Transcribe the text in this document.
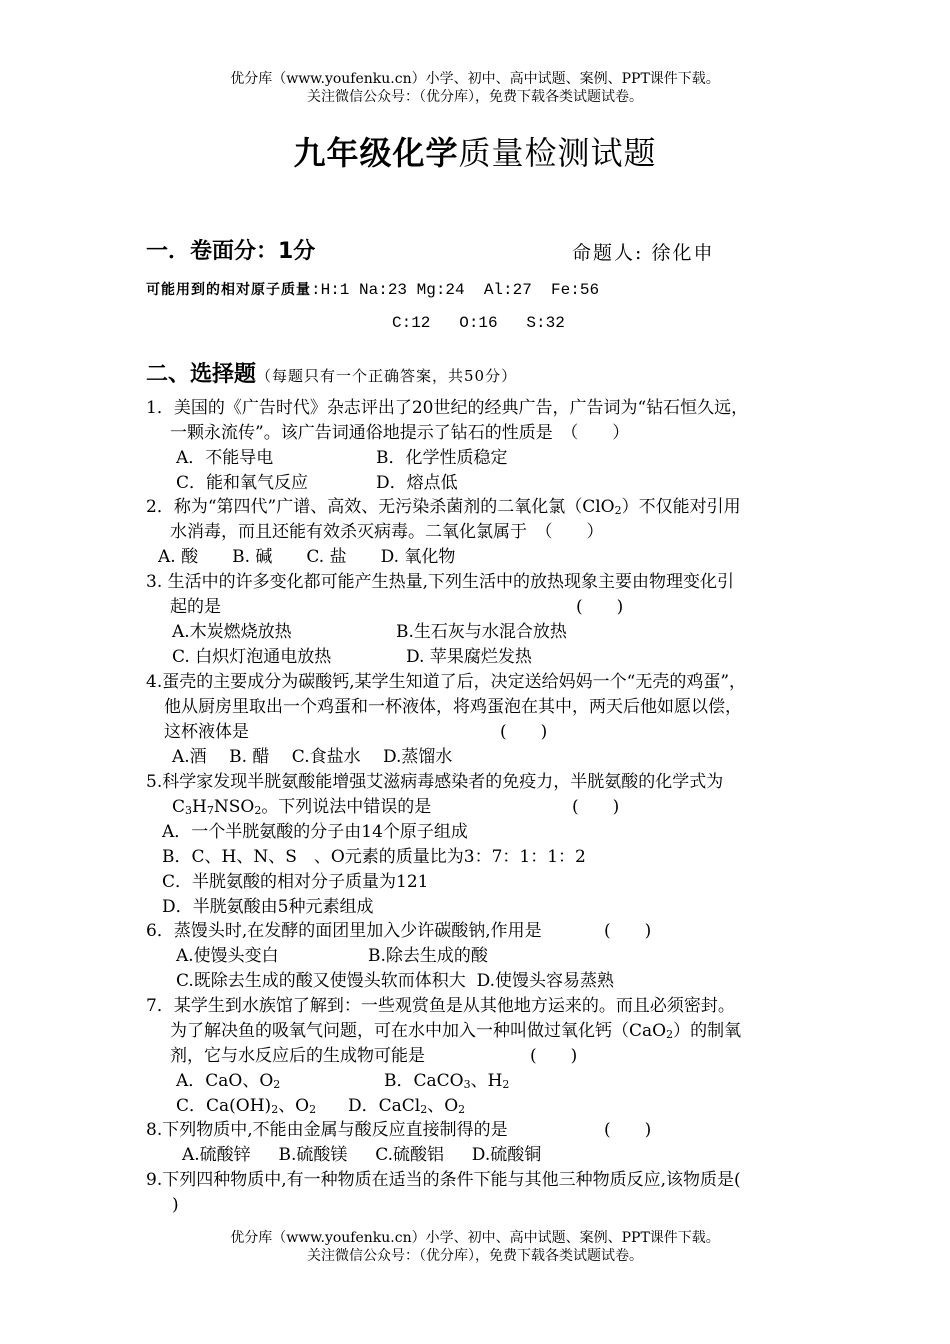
优分库（www.youfenku.cn）小学、初中、高中试题、案例、PPT课件下载。
关注微信公众号：（优分库），免费下载各类试题试卷。
九年级化学质量检测试题
一．卷面分：1分	命题人: 徐化申
可能用到的相对原子质量:H:1 Na:23 Mg:24  Al:27  Fe:56
C:12   O:16   S:32
二、选择题（每题只有一个正确答案，共50分）
1．美国的《广告时代》杂志评出了20世纪的经典广告，广告词为“钻石恒久远，
一颗永流传”。该广告词通俗地提示了钻石的性质是　（　　）
A．不能导电	B．化学性质稳定
C．能和氧气反应	D．熔点低
2．称为“第四代”广谱、高效、无污染杀菌剂的二氧化氯（ClO$_2$）不仅能对引用
水消毒，而且还能有效杀灭病毒。二氧化氯属于　（　　）
A. 酸　　B. 碱　　C. 盐　　D. 氧化物
3. 生活中的许多变化都可能产生热量,下列生活中的放热现象主要由物理变化引
起的是	(　　)
A.木炭燃烧放热	B.生石灰与水混合放热
C. 白炽灯泡通电放热	D. 苹果腐烂发热
4.蛋壳的主要成分为碳酸钙,某学生知道了后，决定送给妈妈一个“无壳的鸡蛋”，
他从厨房里取出一个鸡蛋和一杯液体，将鸡蛋泡在其中，两天后他如愿以偿，
这杯液体是	(　　)
A.酒　 B. 醋　 C.食盐水　 D.蒸馏水
5.科学家发现半胱氨酸能增强艾滋病毒感染者的免疫力，半胱氨酸的化学式为
$C_3H_7NSO_2$。下列说法中错误的是	(　　)
A．一个半胱氨酸的分子由14个原子组成
B．C、H、N、S　、O元素的质量比为3：7：1：1：2
C．半胱氨酸的相对分子质量为121
D．半胱氨酸由5种元素组成
6．蒸馒头时,在发酵的面团里加入少许碳酸钠,作用是	(　　)
A.使馒头变白	B.除去生成的酸
C.既除去生成的酸又使馒头软而体积大  D.使馒头容易蒸熟
7．某学生到水族馆了解到：一些观赏鱼是从其他地方运来的。而且必须密封。
为了解决鱼的吸氧气问题，可在水中加入一种叫做过氧化钙（CaO$_2$）的制氧
剂，它与水反应后的生成物可能是	(　　)
A．CaO、$O_2$	B．CaCO$_3$、$H_2$
C．$Ca(OH)_2$、$O_2$ D．CaCl$_2$、$O_2$
8.下列物质中,不能由金属与酸反应直接制得的是	(　　)
A.硫酸锌　  B.硫酸镁　  C.硫酸铝　  D.硫酸铜
9.下列四种物质中,有一种物质在适当的条件下能与其他三种物质反应,该物质是(
)
优分库（www.youfenku.cn）小学、初中、高中试题、案例、PPT课件下载。
关注微信公众号：（优分库），免费下载各类试题试卷。
